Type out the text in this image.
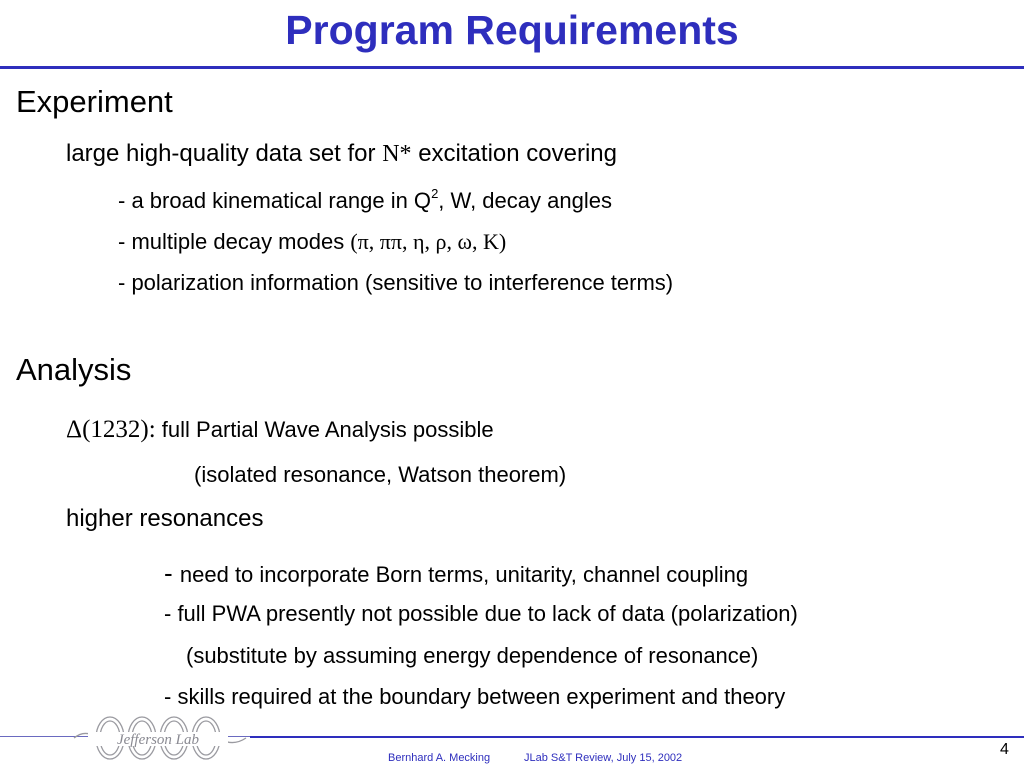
Program Requirements
Experiment
large high-quality data set for N* excitation covering
- a broad kinematical range in $Q^2$, W, decay angles
- multiple decay modes (π, ππ, η, ρ, ω, K)
- polarization information (sensitive to interference terms)
Analysis
Δ(1232): full Partial Wave Analysis possible
(isolated resonance, Watson theorem)
higher resonances
- need to incorporate Born terms, unitarity, channel coupling
- full PWA presently not possible due to lack of data (polarization)
(substitute by assuming energy dependence of resonance)
- skills required at the boundary between experiment and theory
Jefferson Lab
Bernhard A. Mecking	JLab S&T Review, July 15, 2002	4
